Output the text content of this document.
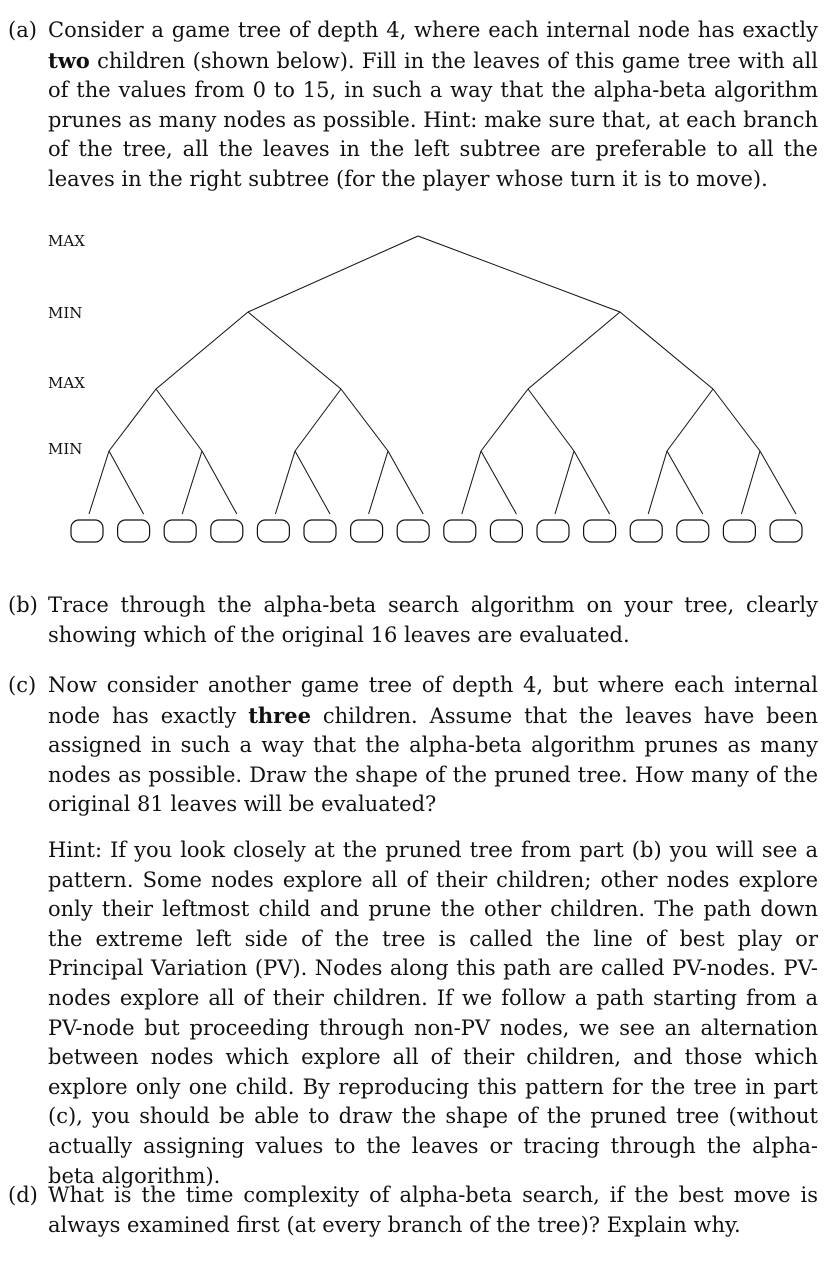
(a) Consider a game tree of depth 4, where each internal node has exactly two children (shown below). Fill in the leaves of this game tree with all of the values from 0 to 15, in such a way that the alpha-beta algorithm prunes as many nodes as possible. Hint: make sure that, at each branch of the tree, all the leaves in the left subtree are preferable to all the leaves in the right subtree (for the player whose turn it is to move).
MAX
MIN
MAX
MIN
(b) Trace through the alpha-beta search algorithm on your tree, clearly showing which of the original 16 leaves are evaluated.
(c) Now consider another game tree of depth 4, but where each internal node has exactly three children. Assume that the leaves have been assigned in such a way that the alpha-beta algorithm prunes as many nodes as possible. Draw the shape of the pruned tree. How many of the original 81 leaves will be evaluated?
Hint: If you look closely at the pruned tree from part (b) you will see a pattern. Some nodes explore all of their children; other nodes explore only their leftmost child and prune the other children. The path down the extreme left side of the tree is called the line of best play or Principal Variation (PV). Nodes along this path are called PV-nodes. PV-nodes explore all of their children. If we follow a path starting from a PV-node but proceeding through non-PV nodes, we see an alternation between nodes which explore all of their children, and those which explore only one child. By reproducing this pattern for the tree in part (c), you should be able to draw the shape of the pruned tree (without actually assigning values to the leaves or tracing through the alpha-beta algorithm).
(d) What is the time complexity of alpha-beta search, if the best move is always examined first (at every branch of the tree)? Explain why.
